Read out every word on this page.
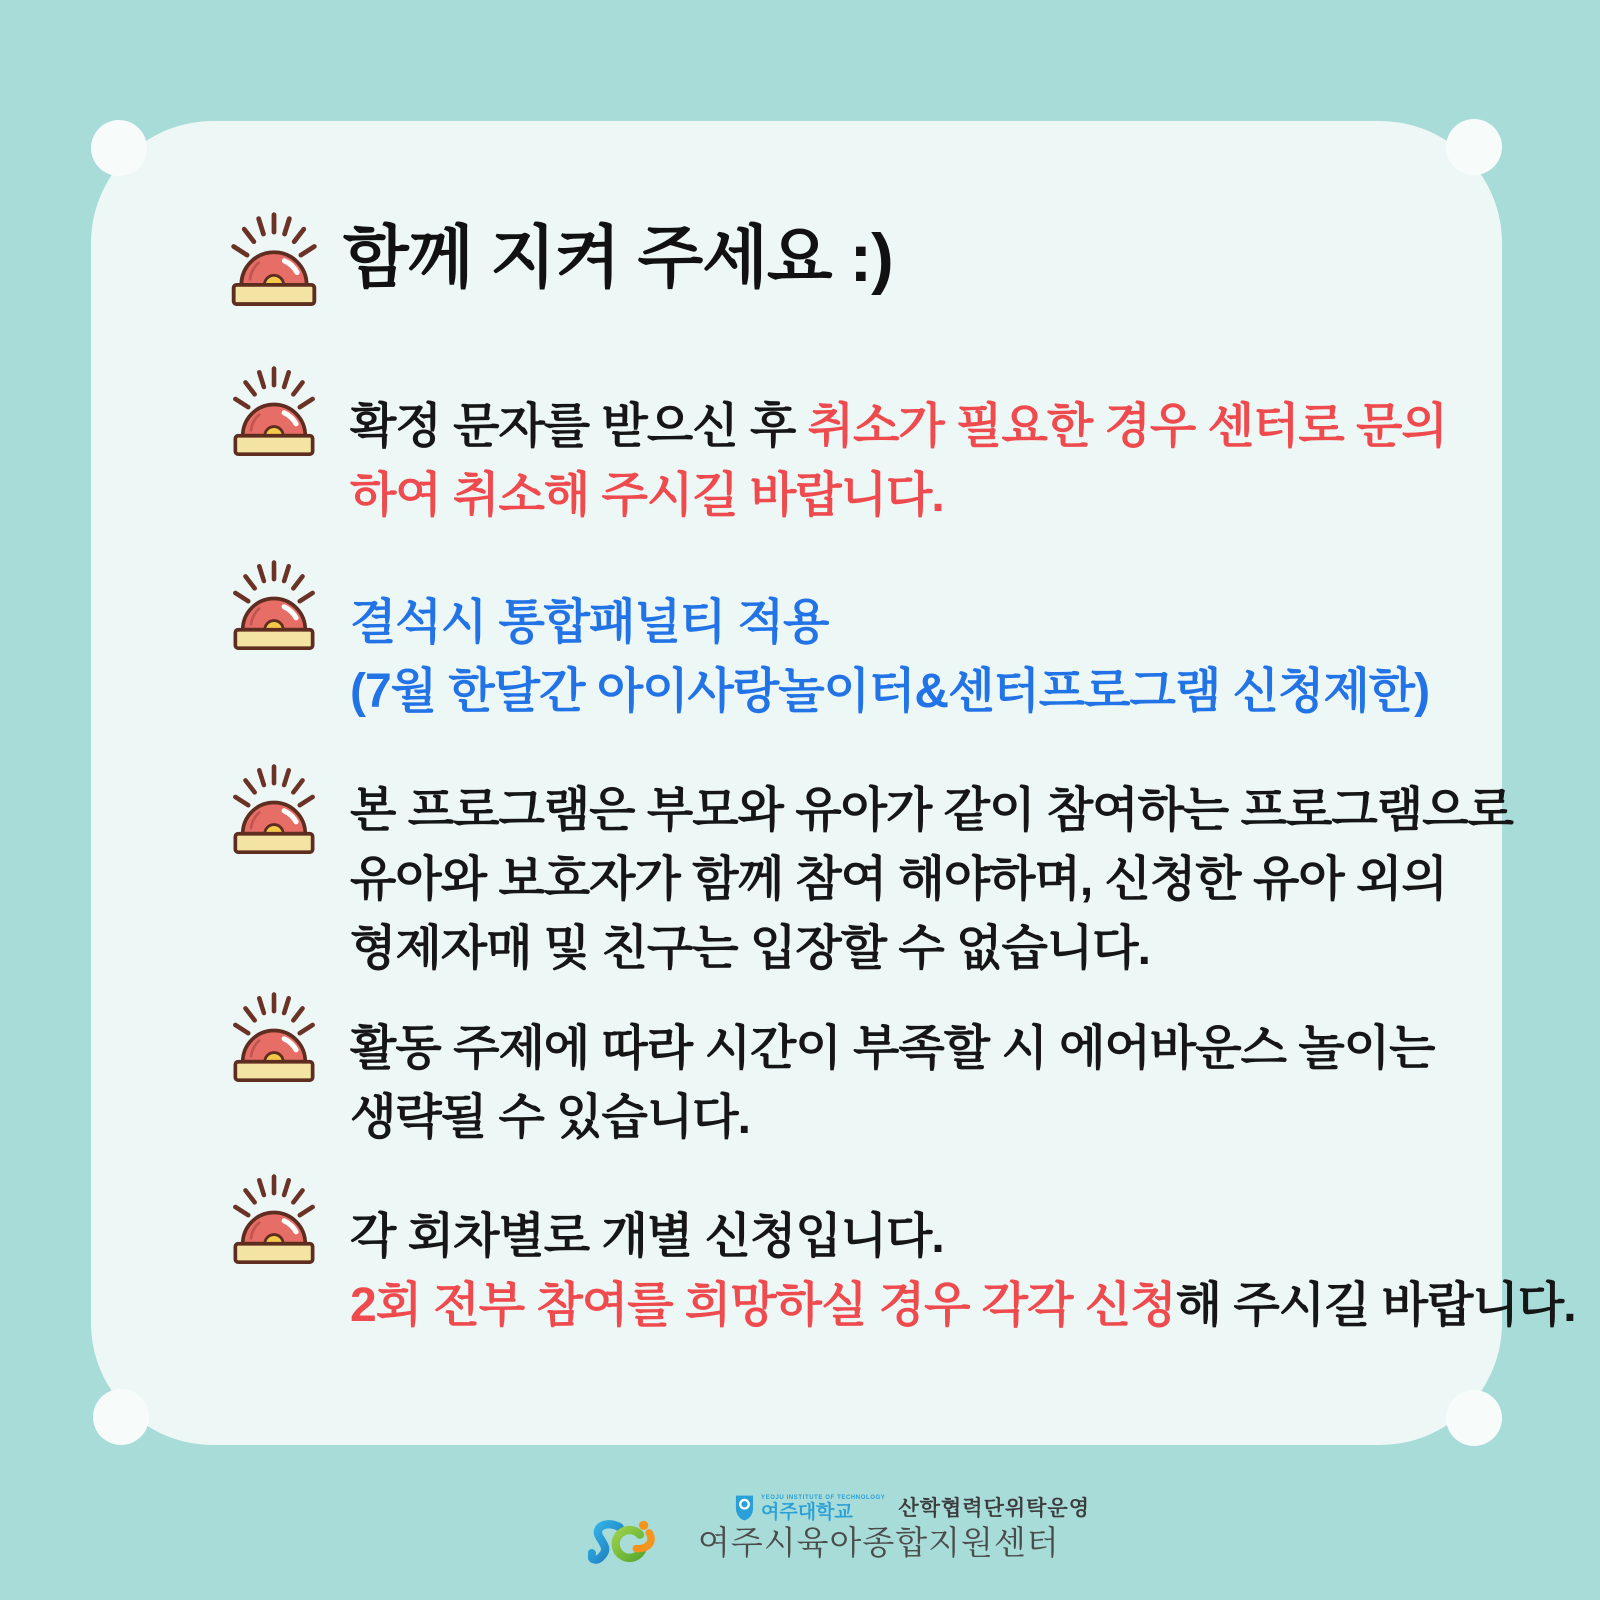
함께 지켜 주세요 :)
확정 문자를 받으신 후 취소가 필요한 경우 센터로 문의
하여 취소해 주시길 바랍니다.
결석시 통합패널티 적용
(7월 한달간 아이사랑놀이터&센터프로그램 신청제한)
본 프로그램은 부모와 유아가 같이 참여하는 프로그램으로
유아와 보호자가 함께 참여 해야하며, 신청한 유아 외의
형제자매 및 친구는 입장할 수 없습니다.
활동 주제에 따라 시간이 부족할 시 에어바운스 놀이는
생략될 수 있습니다.
각 회차별로 개별 신청입니다.
2회 전부 참여를 희망하실 경우 각각 신청해 주시길 바랍니다.
YEOJU INSTITUTE OF TECHNOLOGY
여주대학교 산학협력단위탁운영
여주시육아종합지원센터
